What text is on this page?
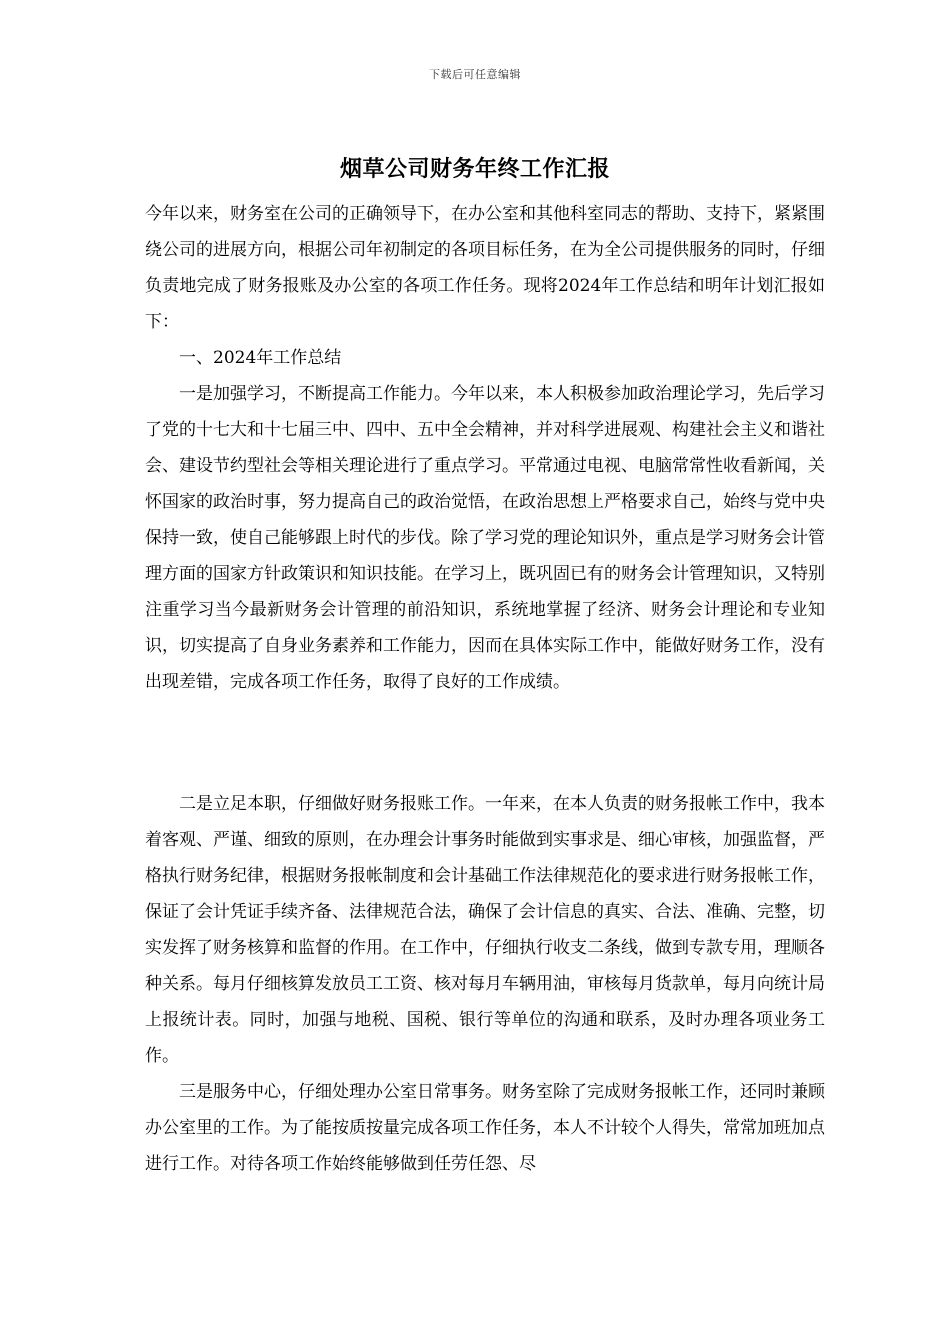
下载后可任意编辑
烟草公司财务年终工作汇报

今年以来，财务室在公司的正确领导下，在办公室和其他科室同志的帮助、支持下，紧紧围绕公司的进展方向，根据公司年初制定的各项目标任务，在为全公司提供服务的同时，仔细负责地完成了财务报账及办公室的各项工作任务。现将2024年工作总结和明年计划汇报如下：

一、2024年工作总结

一是加强学习，不断提高工作能力。今年以来，本人积极参加政治理论学习，先后学习了党的十七大和十七届三中、四中、五中全会精神，并对科学进展观、构建社会主义和谐社会、建设节约型社会等相关理论进行了重点学习。平常通过电视、电脑常常性收看新闻，关怀国家的政治时事，努力提高自己的政治觉悟，在政治思想上严格要求自己，始终与党中央保持一致，使自己能够跟上时代的步伐。除了学习党的理论知识外，重点是学习财务会计管理方面的国家方针政策识和知识技能。在学习上，既巩固已有的财务会计管理知识，又特别注重学习当今最新财务会计管理的前沿知识，系统地掌握了经济、财务会计理论和专业知识，切实提高了自身业务素养和工作能力，因而在具体实际工作中，能做好财务工作，没有出现差错，完成各项工作任务，取得了良好的工作成绩。

二是立足本职，仔细做好财务报账工作。一年来，在本人负责的财务报帐工作中，我本着客观、严谨、细致的原则，在办理会计事务时能做到实事求是、细心审核，加强监督，严格执行财务纪律，根据财务报帐制度和会计基础工作法律规范化的要求进行财务报帐工作，保证了会计凭证手续齐备、法律规范合法，确保了会计信息的真实、合法、准确、完整，切实发挥了财务核算和监督的作用。在工作中，仔细执行收支二条线，做到专款专用，理顺各种关系。每月仔细核算发放员工工资、核对每月车辆用油，审核每月货款单，每月向统计局上报统计表。同时，加强与地税、国税、银行等单位的沟通和联系，及时办理各项业务工作。

三是服务中心，仔细处理办公室日常事务。财务室除了完成财务报帐工作，还同时兼顾办公室里的工作。为了能按质按量完成各项工作任务，本人不计较个人得失，常常加班加点进行工作。对待各项工作始终能够做到任劳任怨、尽
